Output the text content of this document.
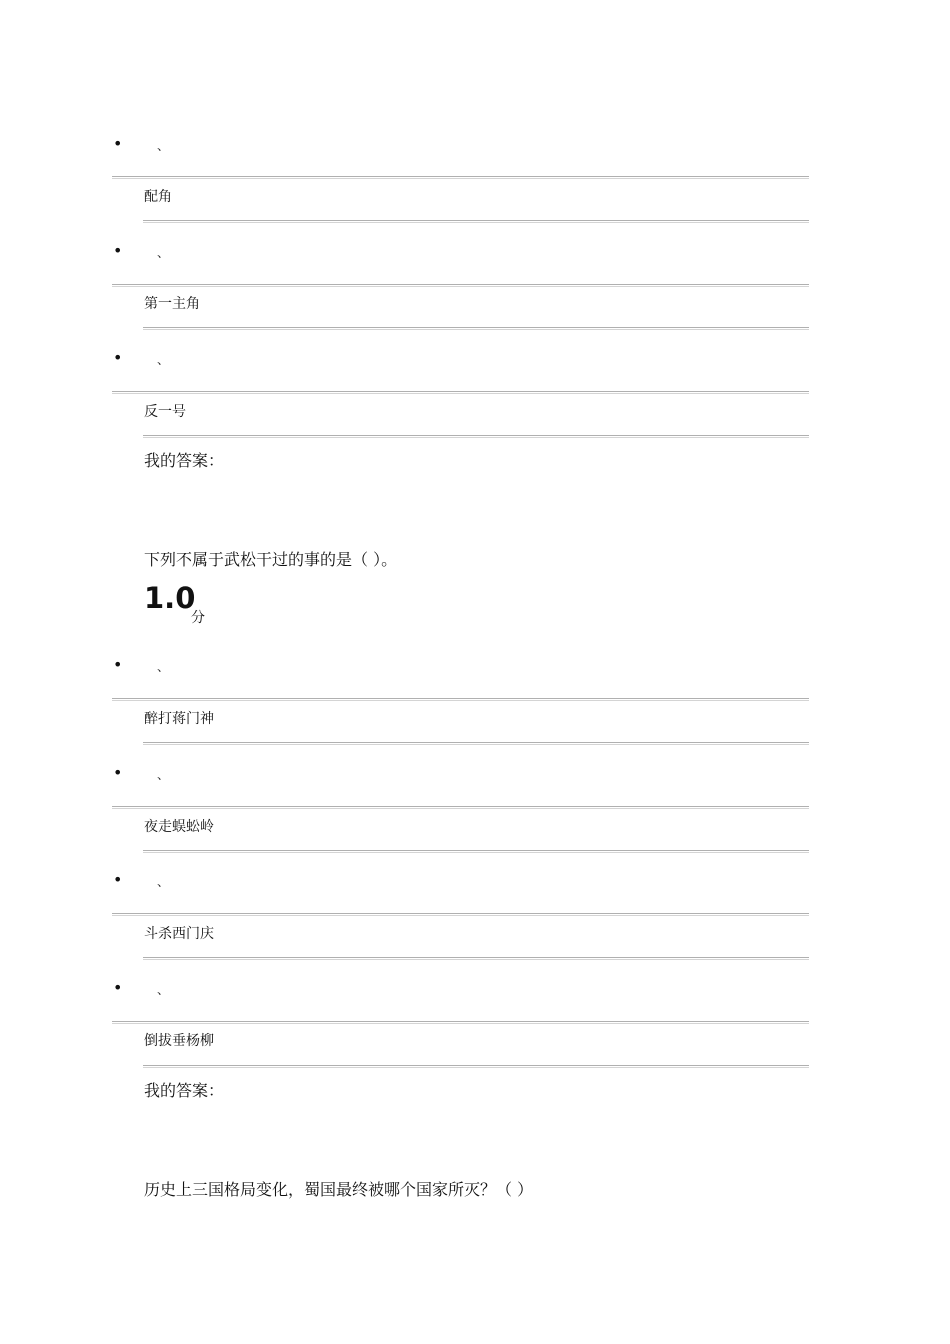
•	、
配角
•	、
第一主角
•	、
反一号
我的答案：
下列不属于武松干过的事的是（ ）。
1.0
分
•	、
醉打蒋门神
•	、
夜走蜈蚣岭
•	、
斗杀西门庆
•	、
倒拔垂杨柳
我的答案：
历史上三国格局变化，蜀国最终被哪个国家所灭？（ ）
